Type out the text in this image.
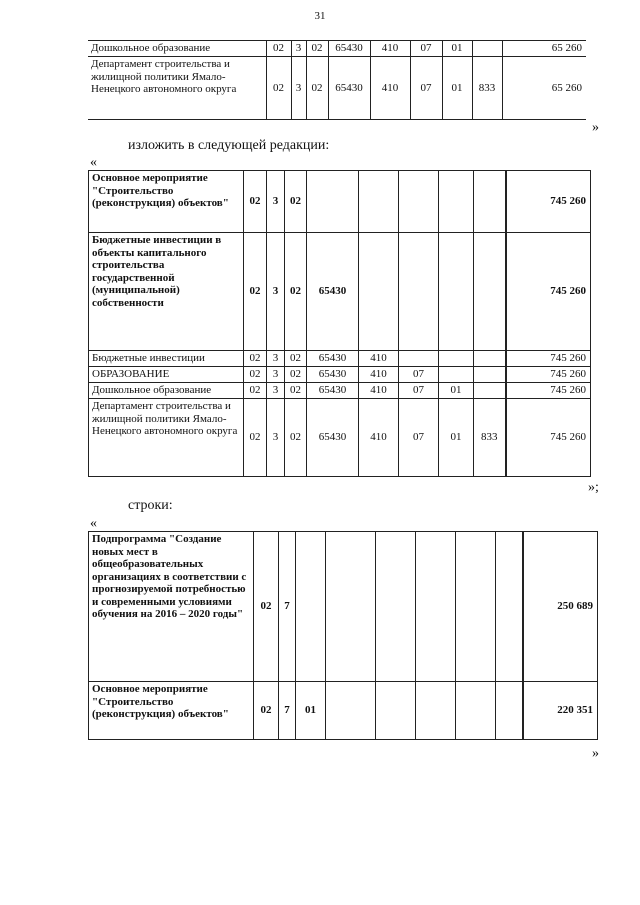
31
Дошкольное образование	02	3	02	65430	410	07	01		65 260
Департамент строительства и жилищной политики Ямало-Ненецкого автономного округа	02	3	02	65430	410	07	01	833	65 260
»
изложить в следующей редакции:
«
Основное мероприятие "Строительство (реконструкция) объектов"	02	3	02						745 260
Бюджетные инвестиции в объекты капитального строительства государственной (муниципальной) собственности	02	3	02	65430					745 260
Бюджетные инвестиции	02	3	02	65430	410				745 260
ОБРАЗОВАНИЕ	02	3	02	65430	410	07			745 260
Дошкольное образование	02	3	02	65430	410	07	01		745 260
Департамент строительства и жилищной политики Ямало-Ненецкого автономного округа	02	3	02	65430	410	07	01	833	745 260
»;
строки:
«
Подпрограмма "Создание новых мест в общеобразовательных организациях в соответствии с прогнозируемой потребностью и современными условиями обучения на 2016 – 2020 годы"	02	7							250 689
Основное мероприятие "Строительство (реконструкция) объектов"	02	7	01						220 351
»
